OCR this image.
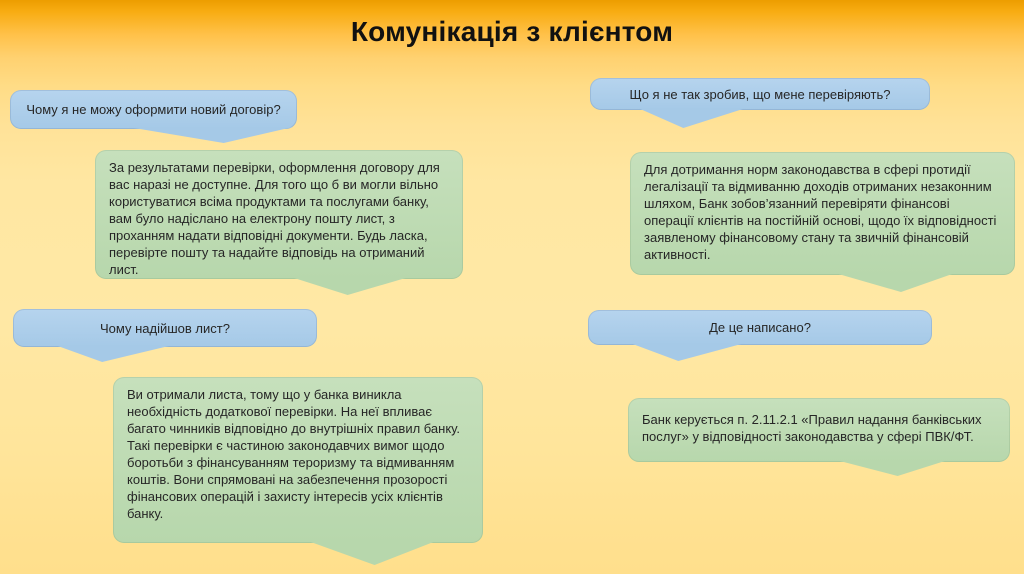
Комунікація з клієнтом
Чому я не можу оформити новий договір?
За результатами перевірки, оформлення договору для вас наразі не доступне. Для того що б ви могли вільно користуватися всіма продуктами та послугами банку, вам було надіслано на електрону пошту лист, з проханням надати відповідні документи. Будь ласка, перевірте пошту та надайте відповідь на отриманий лист.
Що я не так зробив, що мене перевіряють?
Для дотримання норм законодавства в сфері протидії легалізації та відмиванню доходів отриманих незаконним шляхом, Банк зобов’язанний перевіряти фінансові операції клієнтів на постійній основі, щодо їх відповідності заявленому фінансовому стану та звичній фінансовій активності.
Чому надійшов лист?
Ви отримали листа, тому що у банка виникла необхідність додаткової перевірки. На неї впливає багато чинників відповідно до внутрішніх правил банку. Такі перевірки є частиною законодавчих вимог щодо боротьби з фінансуванням тероризму та відмиванням коштів. Вони спрямовані на забезпечення прозорості фінансових операцій і захисту інтересів усіх клієнтів банку.
Де це написано?
Банк керується п. 2.11.2.1 «Правил надання банківських послуг» у відповідності законодавства у сфері ПВК/ФТ.
